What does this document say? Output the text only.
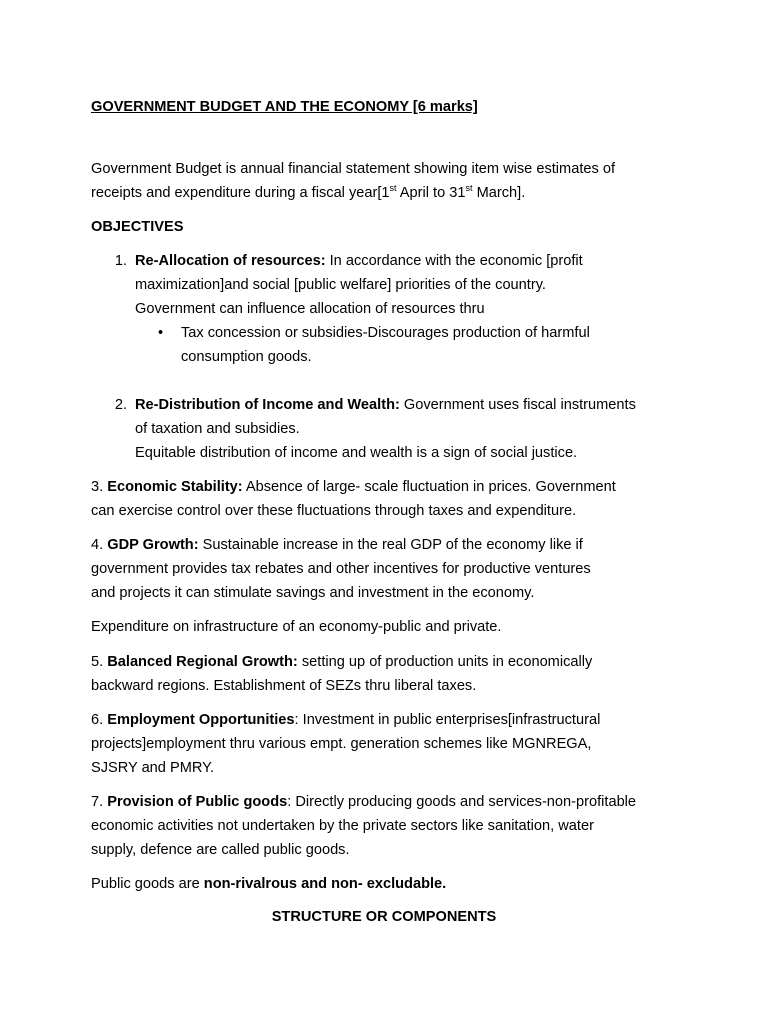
GOVERNMENT BUDGET AND THE ECONOMY [6 marks]
Government Budget is annual financial statement showing item wise estimates of
receipts and expenditure during a fiscal year[1st April to 31st March].
OBJECTIVES
1. Re-Allocation of resources: In accordance with the economic [profit
maximization]and social [public welfare] priorities of the country.
Government can influence allocation of resources thru
• Tax concession or subsidies-Discourages production of harmful
consumption goods.
2. Re-Distribution of Income and Wealth: Government uses fiscal instruments
of taxation and subsidies.
Equitable distribution of income and wealth is a sign of social justice.
3. Economic Stability: Absence of large- scale fluctuation in prices. Government
can exercise control over these fluctuations through taxes and expenditure.
4. GDP Growth: Sustainable increase in the real GDP of the economy like if
government provides tax rebates and other incentives for productive ventures
and projects it can stimulate savings and investment in the economy.
Expenditure on infrastructure of an economy-public and private.
5. Balanced Regional Growth: setting up of production units in economically
backward regions. Establishment of SEZs thru liberal taxes.
6. Employment Opportunities: Investment in public enterprises[infrastructural
projects]employment thru various empt. generation schemes like MGNREGA,
SJSRY and PMRY.
7. Provision of Public goods: Directly producing goods and services-non-profitable
economic activities not undertaken by the private sectors like sanitation, water
supply, defence are called public goods.
Public goods are non-rivalrous and non- excludable.
STRUCTURE OR COMPONENTS
